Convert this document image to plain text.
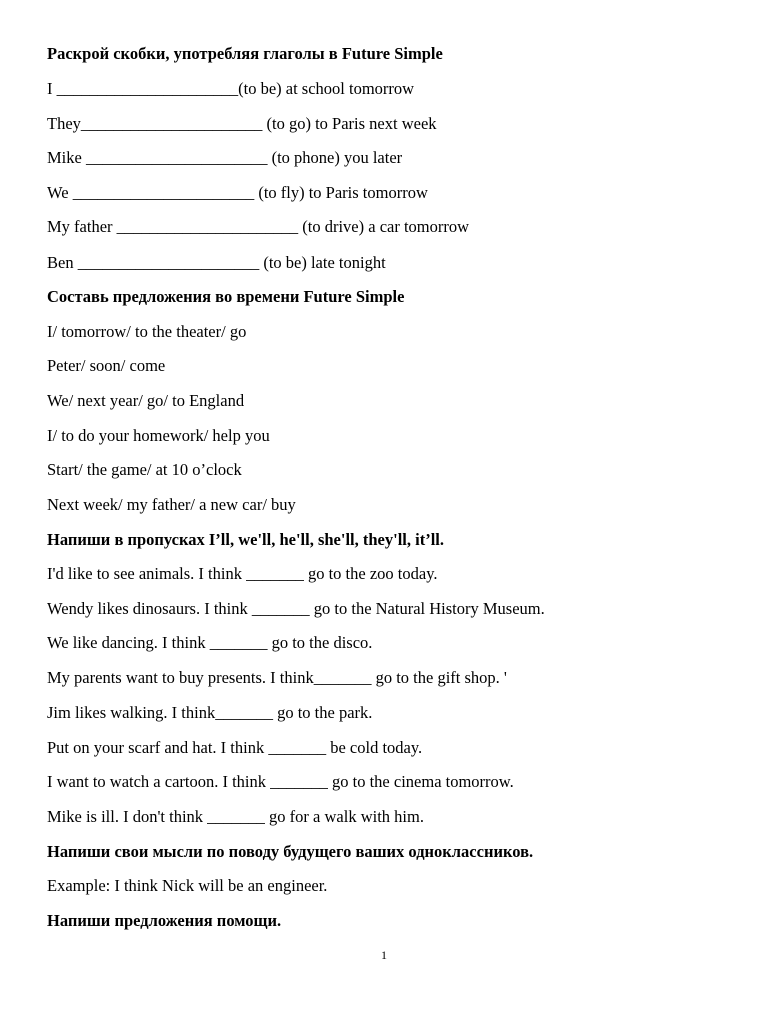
Раскрой скобки, употребляя глаголы в Future Simple
I ______________________(to be) at school tomorrow
They______________________ (to go) to Paris next week
Mike ______________________ (to phone) you later
We ______________________ (to fly) to Paris tomorrow
My father ______________________ (to drive) a car tomorrow
Ben ______________________ (to be) late tonight
Составь предложения во времени Future Simple
I/ tomorrow/ to the theater/ go
Peter/ soon/ come
We/ next year/ go/ to England
I/ to do your homework/ help you
Start/ the game/ at 10 o’clock
Next week/ my father/ a new car/ buy
Напиши в пропусках I’ll, we'll, he'll, she'll, they'll, it’ll.
I'd like to see animals. I think _______ go to the zoo today.
Wendy likes dinosaurs. I think _______ go to the Natural History Museum.
We like dancing. I think _______ go to the disco.
My parents want to buy presents. I think_______ go to the gift shop. '
Jim likes walking. I think_______ go to the park.
Put on your scarf and hat. I think _______ be cold today.
I want to watch a cartoon. I think _______ go to the cinema tomorrow.
Mike is ill. I don't think _______ go for a walk with him.
Напиши свои мысли по поводу будущего ваших одноклассников.
Example: I think Nick will be an engineer.
Напиши предложения помощи.
1
